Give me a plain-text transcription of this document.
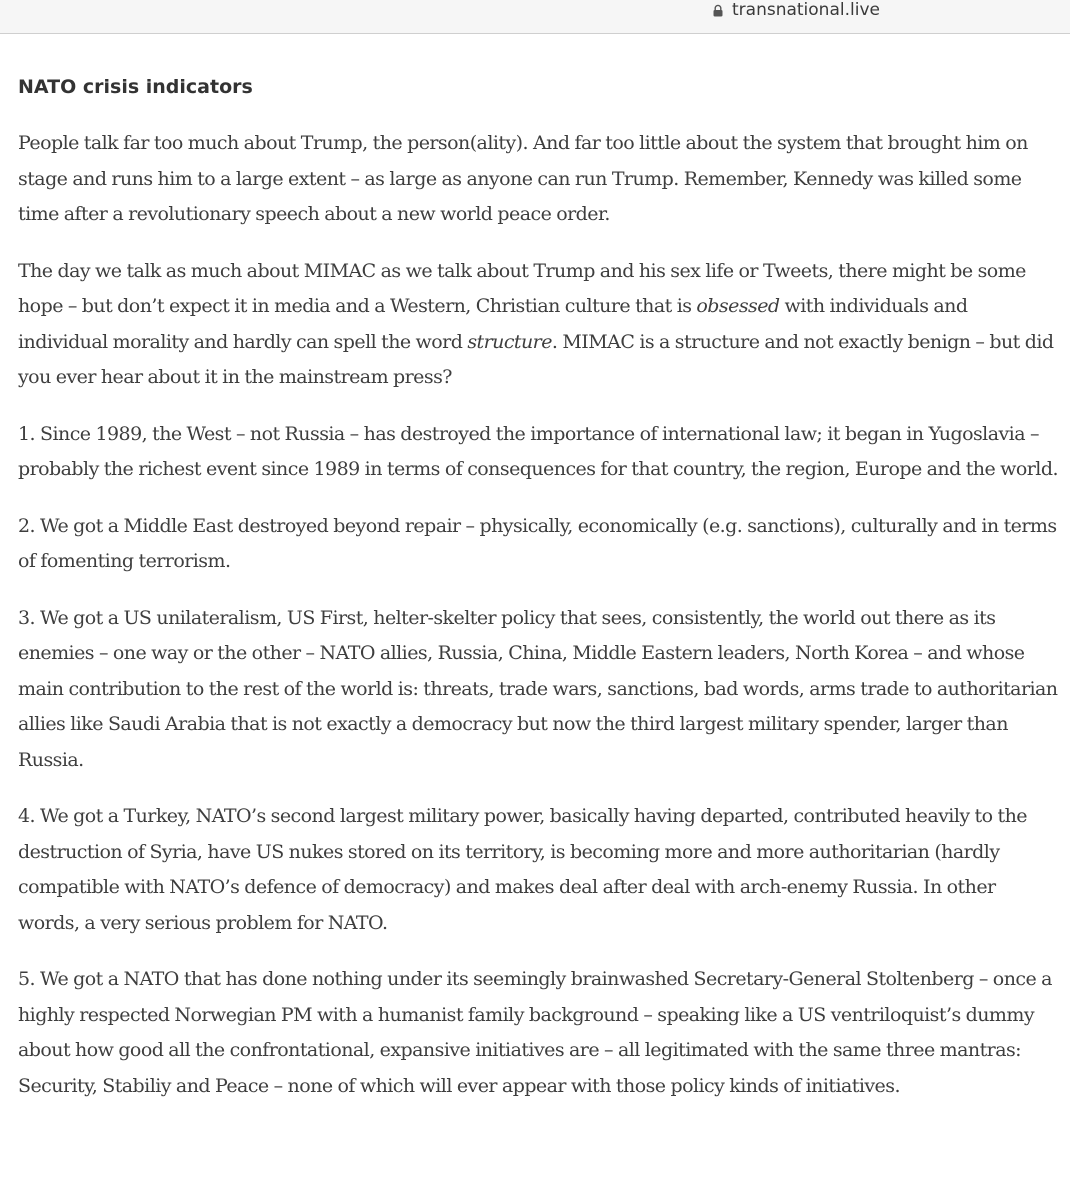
transnational.live
NATO crisis indicators

People talk far too much about Trump, the person(ality). And far too little about the system that brought him on stage and runs him to a large extent – as large as anyone can run Trump. Remember, Kennedy was killed some time after a revolutionary speech about a new world peace order.

The day we talk as much about MIMAC as we talk about Trump and his sex life or Tweets, there might be some hope – but don’t expect it in media and a Western, Christian culture that is obsessed with individuals and individual morality and hardly can spell the word structure. MIMAC is a structure and not exactly benign – but did you ever hear about it in the mainstream press?

1. Since 1989, the West – not Russia – has destroyed the importance of international law; it began in Yugoslavia – probably the richest event since 1989 in terms of consequences for that country, the region, Europe and the world.

2. We got a Middle East destroyed beyond repair – physically, economically (e.g. sanctions), culturally and in terms of fomenting terrorism.

3. We got a US unilateralism, US First, helter-skelter policy that sees, consistently, the world out there as its enemies – one way or the other – NATO allies, Russia, China, Middle Eastern leaders, North Korea – and whose main contribution to the rest of the world is: threats, trade wars, sanctions, bad words, arms trade to authoritarian allies like Saudi Arabia that is not exactly a democracy but now the third largest military spender, larger than Russia.

4. We got a Turkey, NATO’s second largest military power, basically having departed, contributed heavily to the destruction of Syria, have US nukes stored on its territory, is becoming more and more authoritarian (hardly compatible with NATO’s defence of democracy) and makes deal after deal with arch-enemy Russia. In other words, a very serious problem for NATO.

5. We got a NATO that has done nothing under its seemingly brainwashed Secretary-General Stoltenberg – once a highly respected Norwegian PM with a humanist family background – speaking like a US ventriloquist’s dummy about how good all the confrontational, expansive initiatives are – all legitimated with the same three mantras: Security, Stabiliy and Peace – none of which will ever appear with those policy kinds of initiatives.
